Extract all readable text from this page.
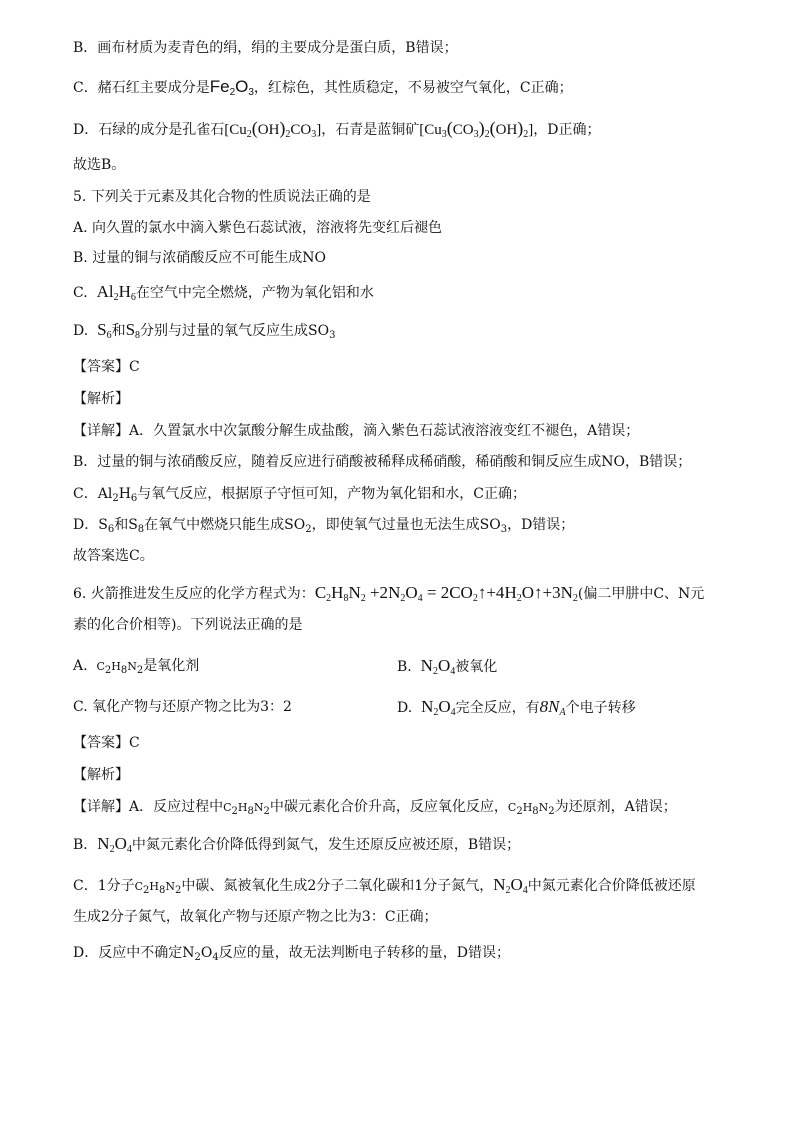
B．画布材质为麦青色的绢，绢的主要成分是蛋白质，B错误；
C．赭石红主要成分是$Fe_2O_3$，红棕色，其性质稳定，不易被空气氧化，C正确；
D．石绿的成分是孔雀石$[Cu_2(OH)_2CO_3]$，石青是蓝铜矿$[Cu_3(CO_3)_2(OH)_2]$，D正确；
故选B。
5. 下列关于元素及其化合物的性质说法正确的是
A. 向久置的氯水中滴入紫色石蕊试液，溶液将先变红后褪色
B. 过量的铜与浓硝酸反应不可能生成NO
C. $Al_2H_6$在空气中完全燃烧，产物为氧化铝和水
D. $S_6$和$S_8$分别与过量的氧气反应生成$SO_3$
【答案】C
【解析】
【详解】A．久置氯水中次氯酸分解生成盐酸，滴入紫色石蕊试液溶液变红不褪色，A错误；
B．过量的铜与浓硝酸反应，随着反应进行硝酸被稀释成稀硝酸，稀硝酸和铜反应生成NO，B错误；
C．$Al_2H_6$与氧气反应，根据原子守恒可知，产物为氧化铝和水，C正确；
D．$S_6$和$S_8$在氧气中燃烧只能生成$SO_2$，即使氧气过量也无法生成$SO_3$，D错误；
故答案选C。
6. 火箭推进发生反应的化学方程式为：$C_2H_8N_2 +2N_2O_4$ = $2CO_2↑+4H_2O↑+3N_2$(偏二甲肼中C、N元
素的化合价相等)。下列说法正确的是
A. $C_2H_8N_2$是氧化剂	B. $N_2O_4$被氧化
C. 氧化产物与还原产物之比为3：2	D. $N_2O_4$完全反应，有$8N_A$个电子转移
【答案】C
【解析】
【详解】A．反应过程中$C_2H_8N_2$中碳元素化合价升高，反应氧化反应，$C_2H_8N_2$为还原剂，A错误；
B．$N_2O_4$中氮元素化合价降低得到氮气，发生还原反应被还原，B错误；
C．1分子$C_2H_8N_2$中碳、氮被氧化生成2分子二氧化碳和1分子氮气，$N_2O_4$中氮元素化合价降低被还原
生成2分子氮气，故氧化产物与还原产物之比为3：C正确；
D．反应中不确定$N_2O_4$反应的量，故无法判断电子转移的量，D错误；
